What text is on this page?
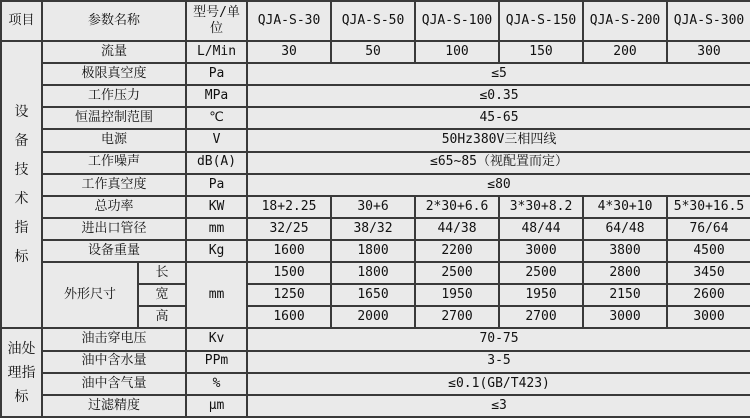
项目	参数名称		型号/单位	QJA-S-30	QJA-S-50	QJA-S-100	QJA-S-150	QJA-S-200	QJA-S-300

设备技术指标	流量		L/Min	30	50	100	150	200	300
	极限真空度		Pa	≤5					
	工作压力		MPa	≤0.35					
	恒温控制范围		℃	45-65					
	电源		V	50Hz380V三相四线					
	工作噪声		dB(A)	≤65~85（视配置而定）					
	工作真空度		Pa	≤80					
	总功率		KW	18+2.25	30+6	2*30+6.6	3*30+8.2	4*30+10	5*30+16.5
	进出口管径		mm	32/25	38/32	44/38	48/44	64/48	76/64
	设备重量		Kg	1600	1800	2200	3000	3800	4500
	外形尺寸	长	mm	1500	1800	2500	2500	2800	3450
		宽		1250	1650	1950	1950	2150	2600
		高		1600	2000	2700	2700	3000	3000

油处理指标	油击穿电压		Kv	70-75					
	油中含水量		PPm	3-5					
	油中含气量		%	≤0.1(GB/T423)					
	过滤精度		μm	≤3					
